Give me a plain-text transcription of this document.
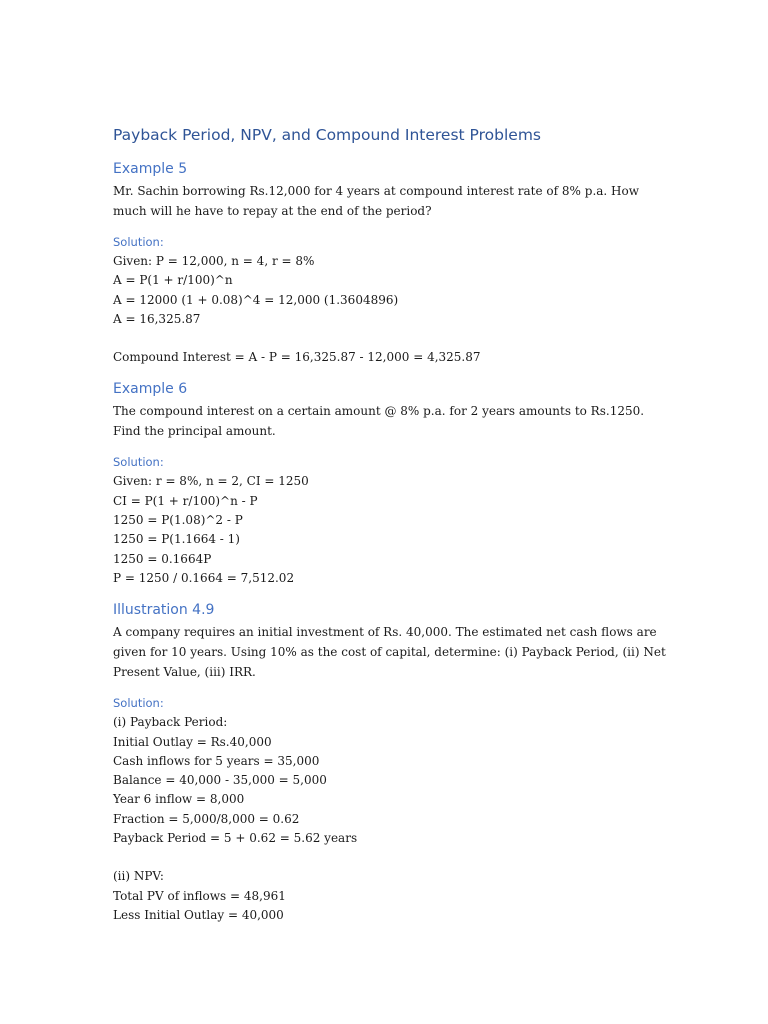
Payback Period, NPV, and Compound Interest Problems
Example 5

Mr. Sachin borrowing Rs.12,000 for 4 years at compound interest rate of 8% p.a. How much will he have to repay at the end of the period?

Solution:
Given: P = 12,000, n = 4, r = 8%
A = P(1 + r/100)^n
A = 12000 (1 + 0.08)^4 = 12,000 (1.3604896)
A = 16,325.87
Compound Interest = A - P = 16,325.87 - 12,000 = 4,325.87
Example 6

The compound interest on a certain amount @ 8% p.a. for 2 years amounts to Rs.1250. Find the principal amount.

Solution:
Given: r = 8%, n = 2, CI = 1250
CI = P(1 + r/100)^n - P
1250 = P(1.08)^2 - P
1250 = P(1.1664 - 1)
1250 = 0.1664P
P = 1250 / 0.1664 = 7,512.02
Illustration 4.9

A company requires an initial investment of Rs. 40,000. The estimated net cash flows are given for 10 years. Using 10% as the cost of capital, determine: (i) Payback Period, (ii) Net Present Value, (iii) IRR.

Solution:
(i) Payback Period:
Initial Outlay = Rs.40,000
Cash inflows for 5 years = 35,000
Balance = 40,000 - 35,000 = 5,000
Year 6 inflow = 8,000
Fraction = 5,000/8,000 = 0.62
Payback Period = 5 + 0.62 = 5.62 years
(ii) NPV:
Total PV of inflows = 48,961
Less Initial Outlay = 40,000
